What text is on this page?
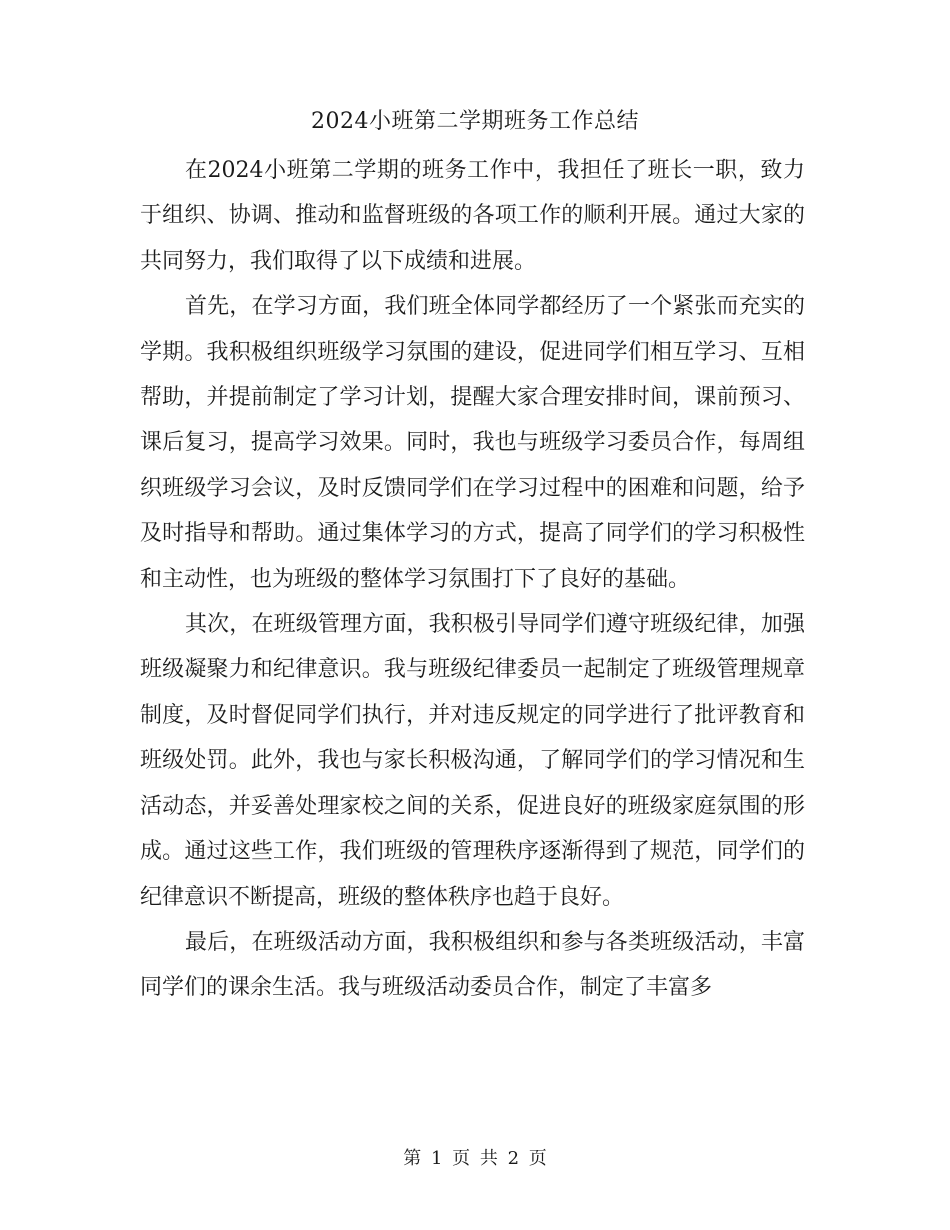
2024小班第二学期班务工作总结

在2024小班第二学期的班务工作中，我担任了班长一职，致力于组织、协调、推动和监督班级的各项工作的顺利开展。通过大家的共同努力，我们取得了以下成绩和进展。

首先，在学习方面，我们班全体同学都经历了一个紧张而充实的学期。我积极组织班级学习氛围的建设，促进同学们相互学习、互相帮助，并提前制定了学习计划，提醒大家合理安排时间，课前预习、课后复习，提高学习效果。同时，我也与班级学习委员合作，每周组织班级学习会议，及时反馈同学们在学习过程中的困难和问题，给予及时指导和帮助。通过集体学习的方式，提高了同学们的学习积极性和主动性，也为班级的整体学习氛围打下了良好的基础。

其次，在班级管理方面，我积极引导同学们遵守班级纪律，加强班级凝聚力和纪律意识。我与班级纪律委员一起制定了班级管理规章制度，及时督促同学们执行，并对违反规定的同学进行了批评教育和班级处罚。此外，我也与家长积极沟通，了解同学们的学习情况和生活动态，并妥善处理家校之间的关系，促进良好的班级家庭氛围的形成。通过这些工作，我们班级的管理秩序逐渐得到了规范，同学们的纪律意识不断提高，班级的整体秩序也趋于良好。

最后，在班级活动方面，我积极组织和参与各类班级活动，丰富同学们的课余生活。我与班级活动委员合作，制定了丰富多

第 1 页 共 2 页
